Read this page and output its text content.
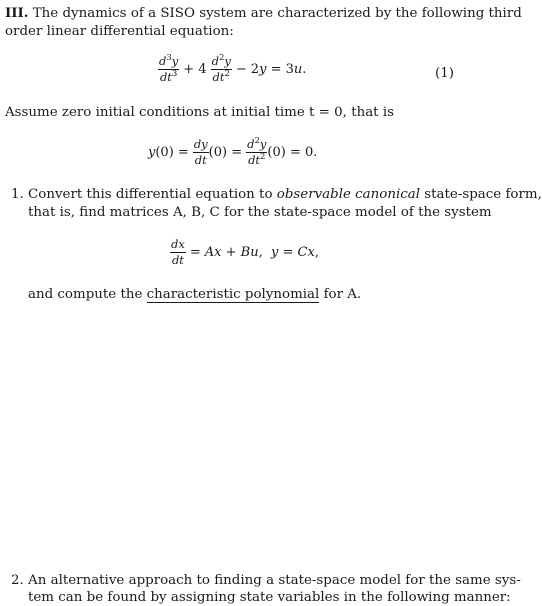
III. The dynamics of a SISO system are characterized by the following third
order linear differential equation:
$\frac{d^3y}{dt^3} + 4 \frac{d^2y}{dt^2} - 2y = 3u$.	(1)
Assume zero initial conditions at initial time t = 0, that is
$y(0) = \frac{dy}{dt} (0) = \frac{d^2y}{dt^2} (0) = 0$.
1. Convert this differential equation to observable canonical state-space form,
that is, find matrices A, B, C for the state-space model of the system
$\frac{dx}{dt} = Ax + Bu$,  y = Cx,
and compute the characteristic polynomial for A.
2. An alternative approach to finding a state-space model for the same sys-
tem can be found by assigning state variables in the following manner:
